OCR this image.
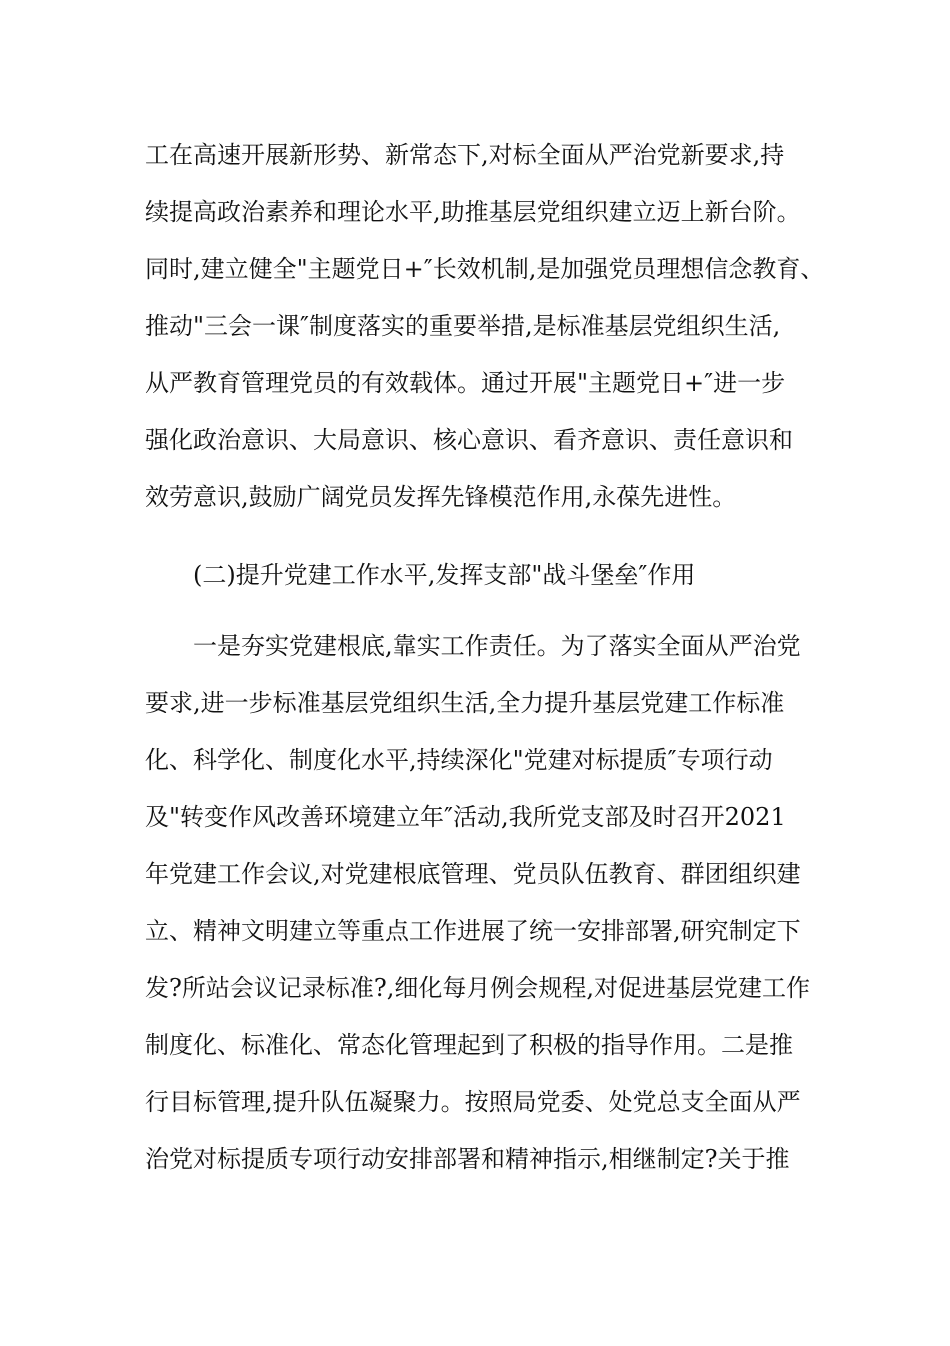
工在高速开展新形势、新常态下,对标全面从严治党新要求,持

续提高政治素养和理论水平,助推基层党组织建立迈上新台阶。

同时,建立健全"主题党日+″长效机制,是加强党员理想信念教育、

推动"三会一课″制度落实的重要举措,是标准基层党组织生活,

从严教育管理党员的有效载体。通过开展"主题党日+″进一步

强化政治意识、大局意识、核心意识、看齐意识、责任意识和

效劳意识,鼓励广阔党员发挥先锋模范作用,永葆先进性。

(二)提升党建工作水平,发挥支部"战斗堡垒″作用

一是夯实党建根底,靠实工作责任。为了落实全面从严治党

要求,进一步标准基层党组织生活,全力提升基层党建工作标准

化、科学化、制度化水平,持续深化"党建对标提质″专项行动

及"转变作风改善环境建立年″活动,我所党支部及时召开2021

年党建工作会议,对党建根底管理、党员队伍教育、群团组织建

立、精神文明建立等重点工作进展了统一安排部署,研究制定下

发?所站会议记录标准?,细化每月例会规程,对促进基层党建工作

制度化、标准化、常态化管理起到了积极的指导作用。二是推

行目标管理,提升队伍凝聚力。按照局党委、处党总支全面从严

治党对标提质专项行动安排部署和精神指示,相继制定?关于推
